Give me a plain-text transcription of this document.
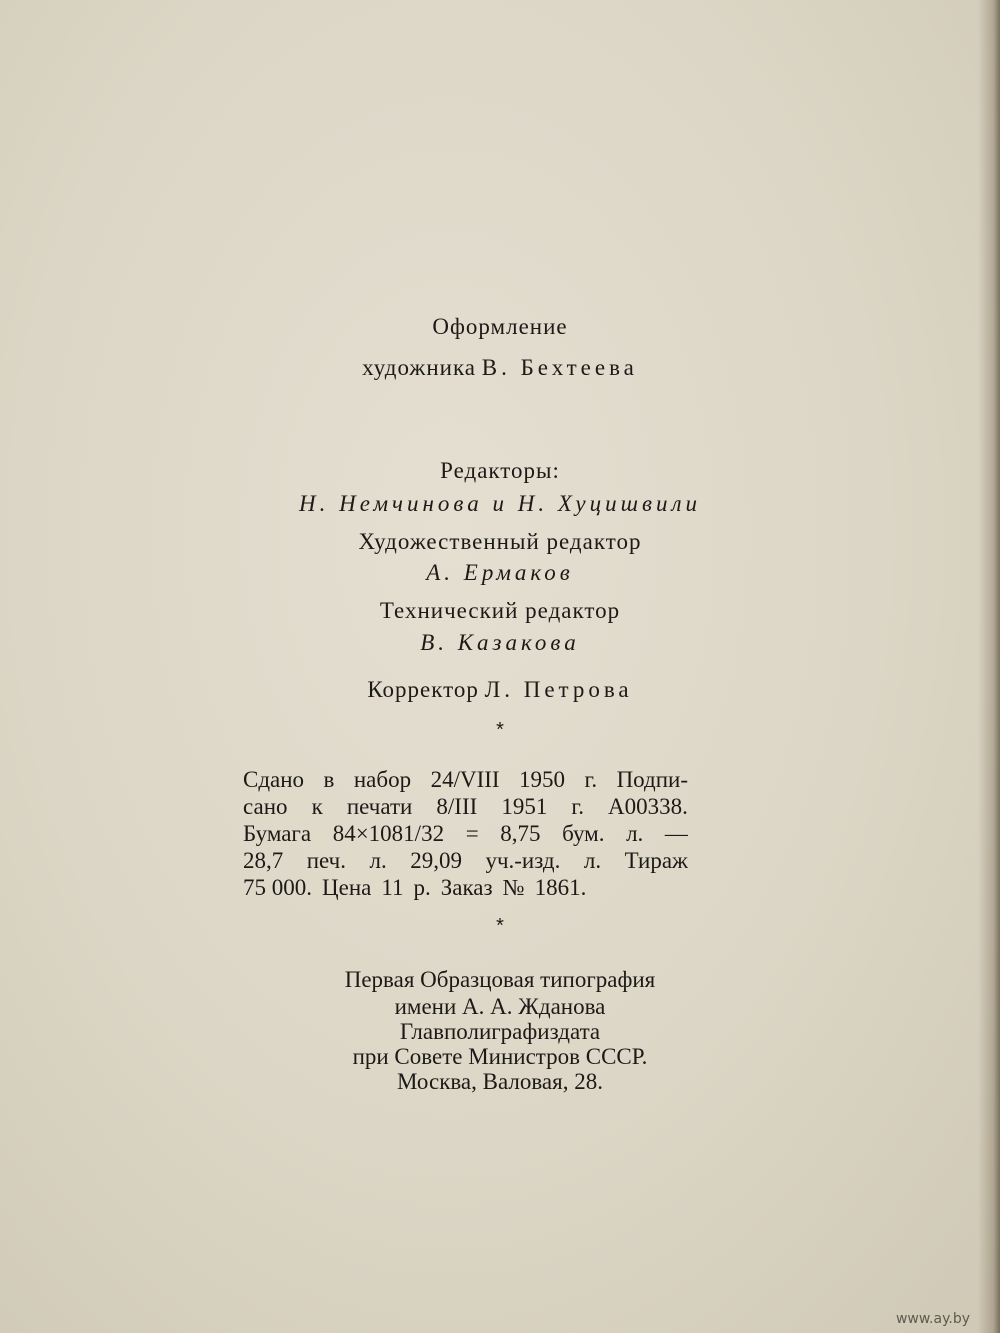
Оформление
художника В. Бехтеева
Редакторы:
Н. Немчинова и Н. Хуцишвили
Художественный редактор
А. Ермаков
Технический редактор
В. Казакова
Корректор Л. Петрова
*
Сдано в набор 24/VIII 1950 г. Подпи-
сано к печати 8/III 1951 г. А00338.
Бумага 84×1081/32 = 8,75 бум. л. —
28,7 печ. л. 29,09 уч.-изд. л. Тираж
75 000. Цена 11 р. Заказ № 1861.
*
Первая Образцовая типография
имени А. А. Жданова
Главполиграфиздата
при Совете Министров СССР.
Москва, Валовая, 28.
www.ay.by
